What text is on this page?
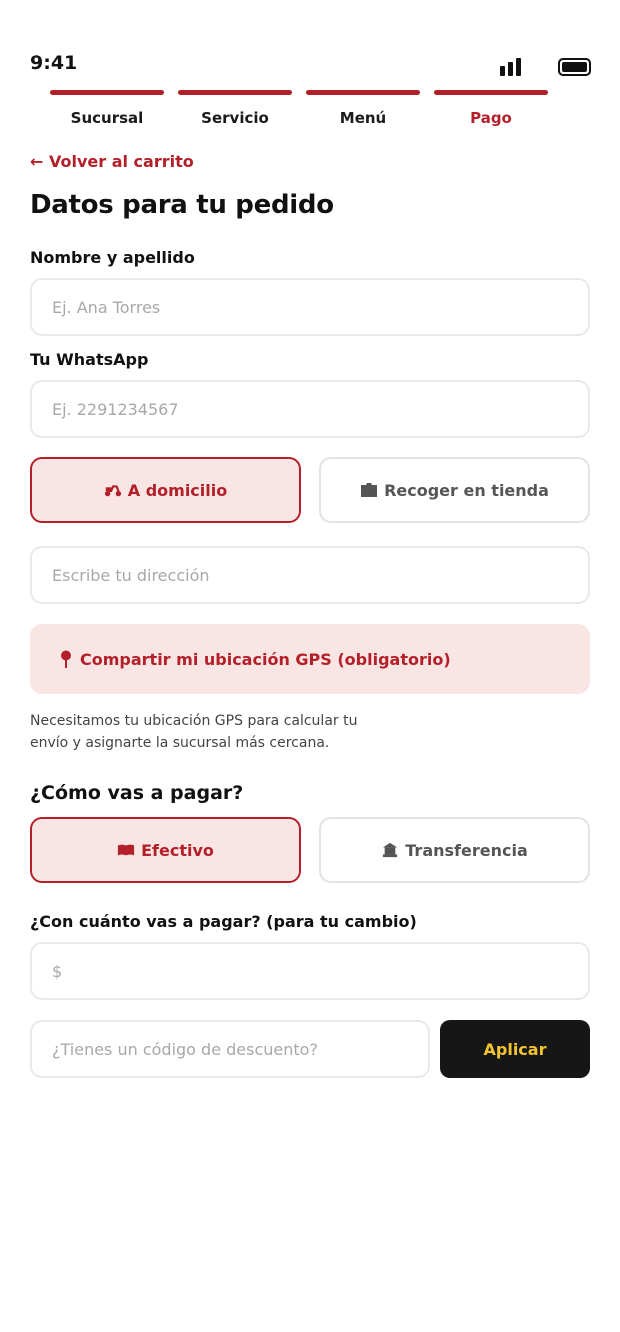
9:41
Sucursal	Servicio	Menú	Pago
← Volver al carrito
Datos para tu pedido
Nombre y apellido
Ej. Ana Torres
Tu WhatsApp
Ej. 2291234567
A domicilio	Recoger en tienda
Escribe tu dirección
Compartir mi ubicación GPS (obligatorio)

Necesitamos tu ubicación GPS para calcular tu envío y asignarte la sucursal más cercana.

¿Cómo vas a pagar?
Efectivo	Transferencia
¿Con cuánto vas a pagar? (para tu cambio)
$
¿Tienes un código de descuento?
Aplicar
